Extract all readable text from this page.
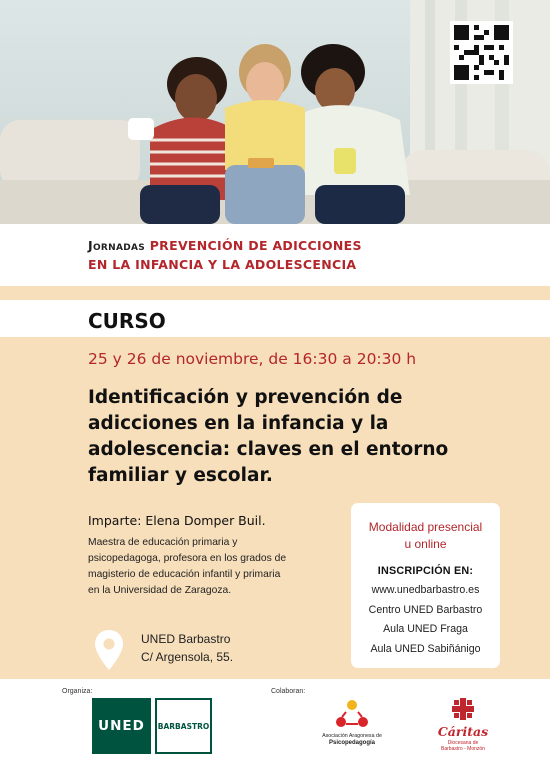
Jornadas PREVENCIÓN DE ADICCIONES
EN LA INFANCIA Y LA ADOLESCENCIA
CURSO
25 y 26 de noviembre, de 16:30 a 20:30 h
Identificación y prevención de
adicciones en la infancia y la
adolescencia: claves en el entorno
familiar y escolar.
Imparte: Elena Domper Buil.
Maestra de educación primaria y
psicopedagoga, profesora en los grados de
magisterio de educación infantil y primaria
en la Universidad de Zaragoza.
UNED Barbastro
C/ Argensola, 55.
Modalidad presencial
u online
INSCRIPCIÓN EN:
www.unedbarbastro.es
Centro UNED Barbastro
Aula UNED Fraga
Aula UNED Sabiñánigo
Organiza:	Colaboran:
UNED BARBASTRO
Asociación Aragonesa de
Psicopedagogía
Cáritas
Diocesana de
Barbastro - Monzón
